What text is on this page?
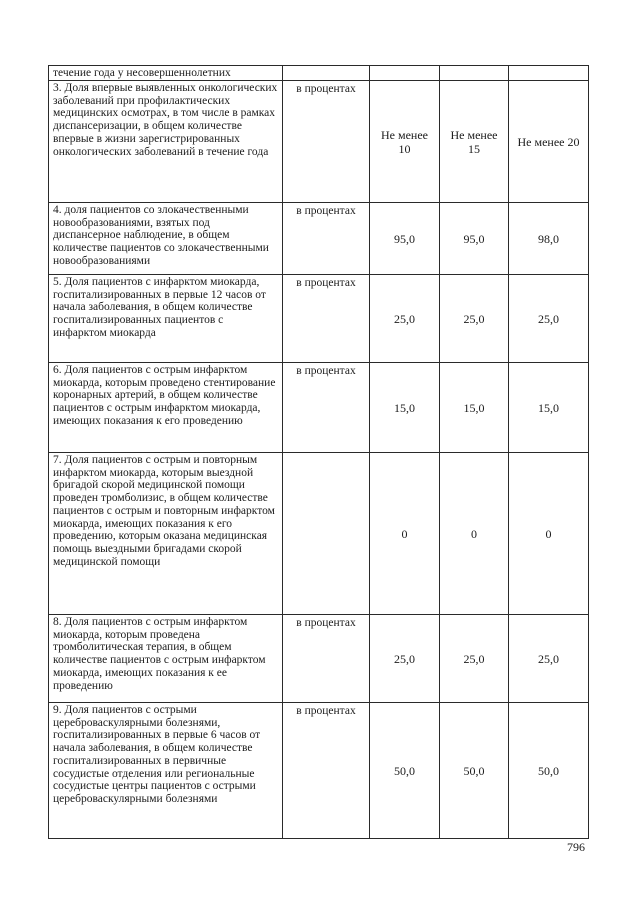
течение года у несовершеннолетних				
3. Доля впервые выявленных онкологических заболеваний при профилактических медицинских осмотрах, в том числе в рамках диспансеризации, в общем количестве впервые в жизни зарегистрированных онкологических заболеваний в течение года	в процентах	Не менее 10	Не менее 15	Не менее 20
4. доля пациентов со злокачественными новообразованиями, взятых под диспансерное наблюдение, в общем количестве пациентов со злокачественными новообразованиями	в процентах	95,0	95,0	98,0
5. Доля пациентов с инфарктом миокарда, госпитализированных в первые 12 часов от начала заболевания, в общем количестве госпитализированных пациентов с инфарктом миокарда	в процентах	25,0	25,0	25,0
6. Доля пациентов с острым инфарктом миокарда, которым проведено стентирование коронарных артерий, в общем количестве пациентов с острым инфарктом миокарда, имеющих показания к его проведению	в процентах	15,0	15,0	15,0
7. Доля пациентов с острым и повторным инфарктом миокарда, которым выездной бригадой скорой медицинской помощи проведен тромболизис, в общем количестве пациентов с острым и повторным инфарктом миокарда, имеющих показания к его проведению, которым оказана медицинская помощь выездными бригадами скорой медицинской помощи		0	0	0
8. Доля пациентов с острым инфарктом миокарда, которым проведена тромболитическая терапия, в общем количестве пациентов с острым инфарктом миокарда, имеющих показания к ее проведению	в процентах	25,0	25,0	25,0
9. Доля пациентов с острыми цереброваскулярными болезнями, госпитализированных в первые 6 часов от начала заболевания, в общем количестве госпитализированных в первичные сосудистые отделения или региональные сосудистые центры пациентов с острыми цереброваскулярными болезнями	в процентах	50,0	50,0	50,0
796
